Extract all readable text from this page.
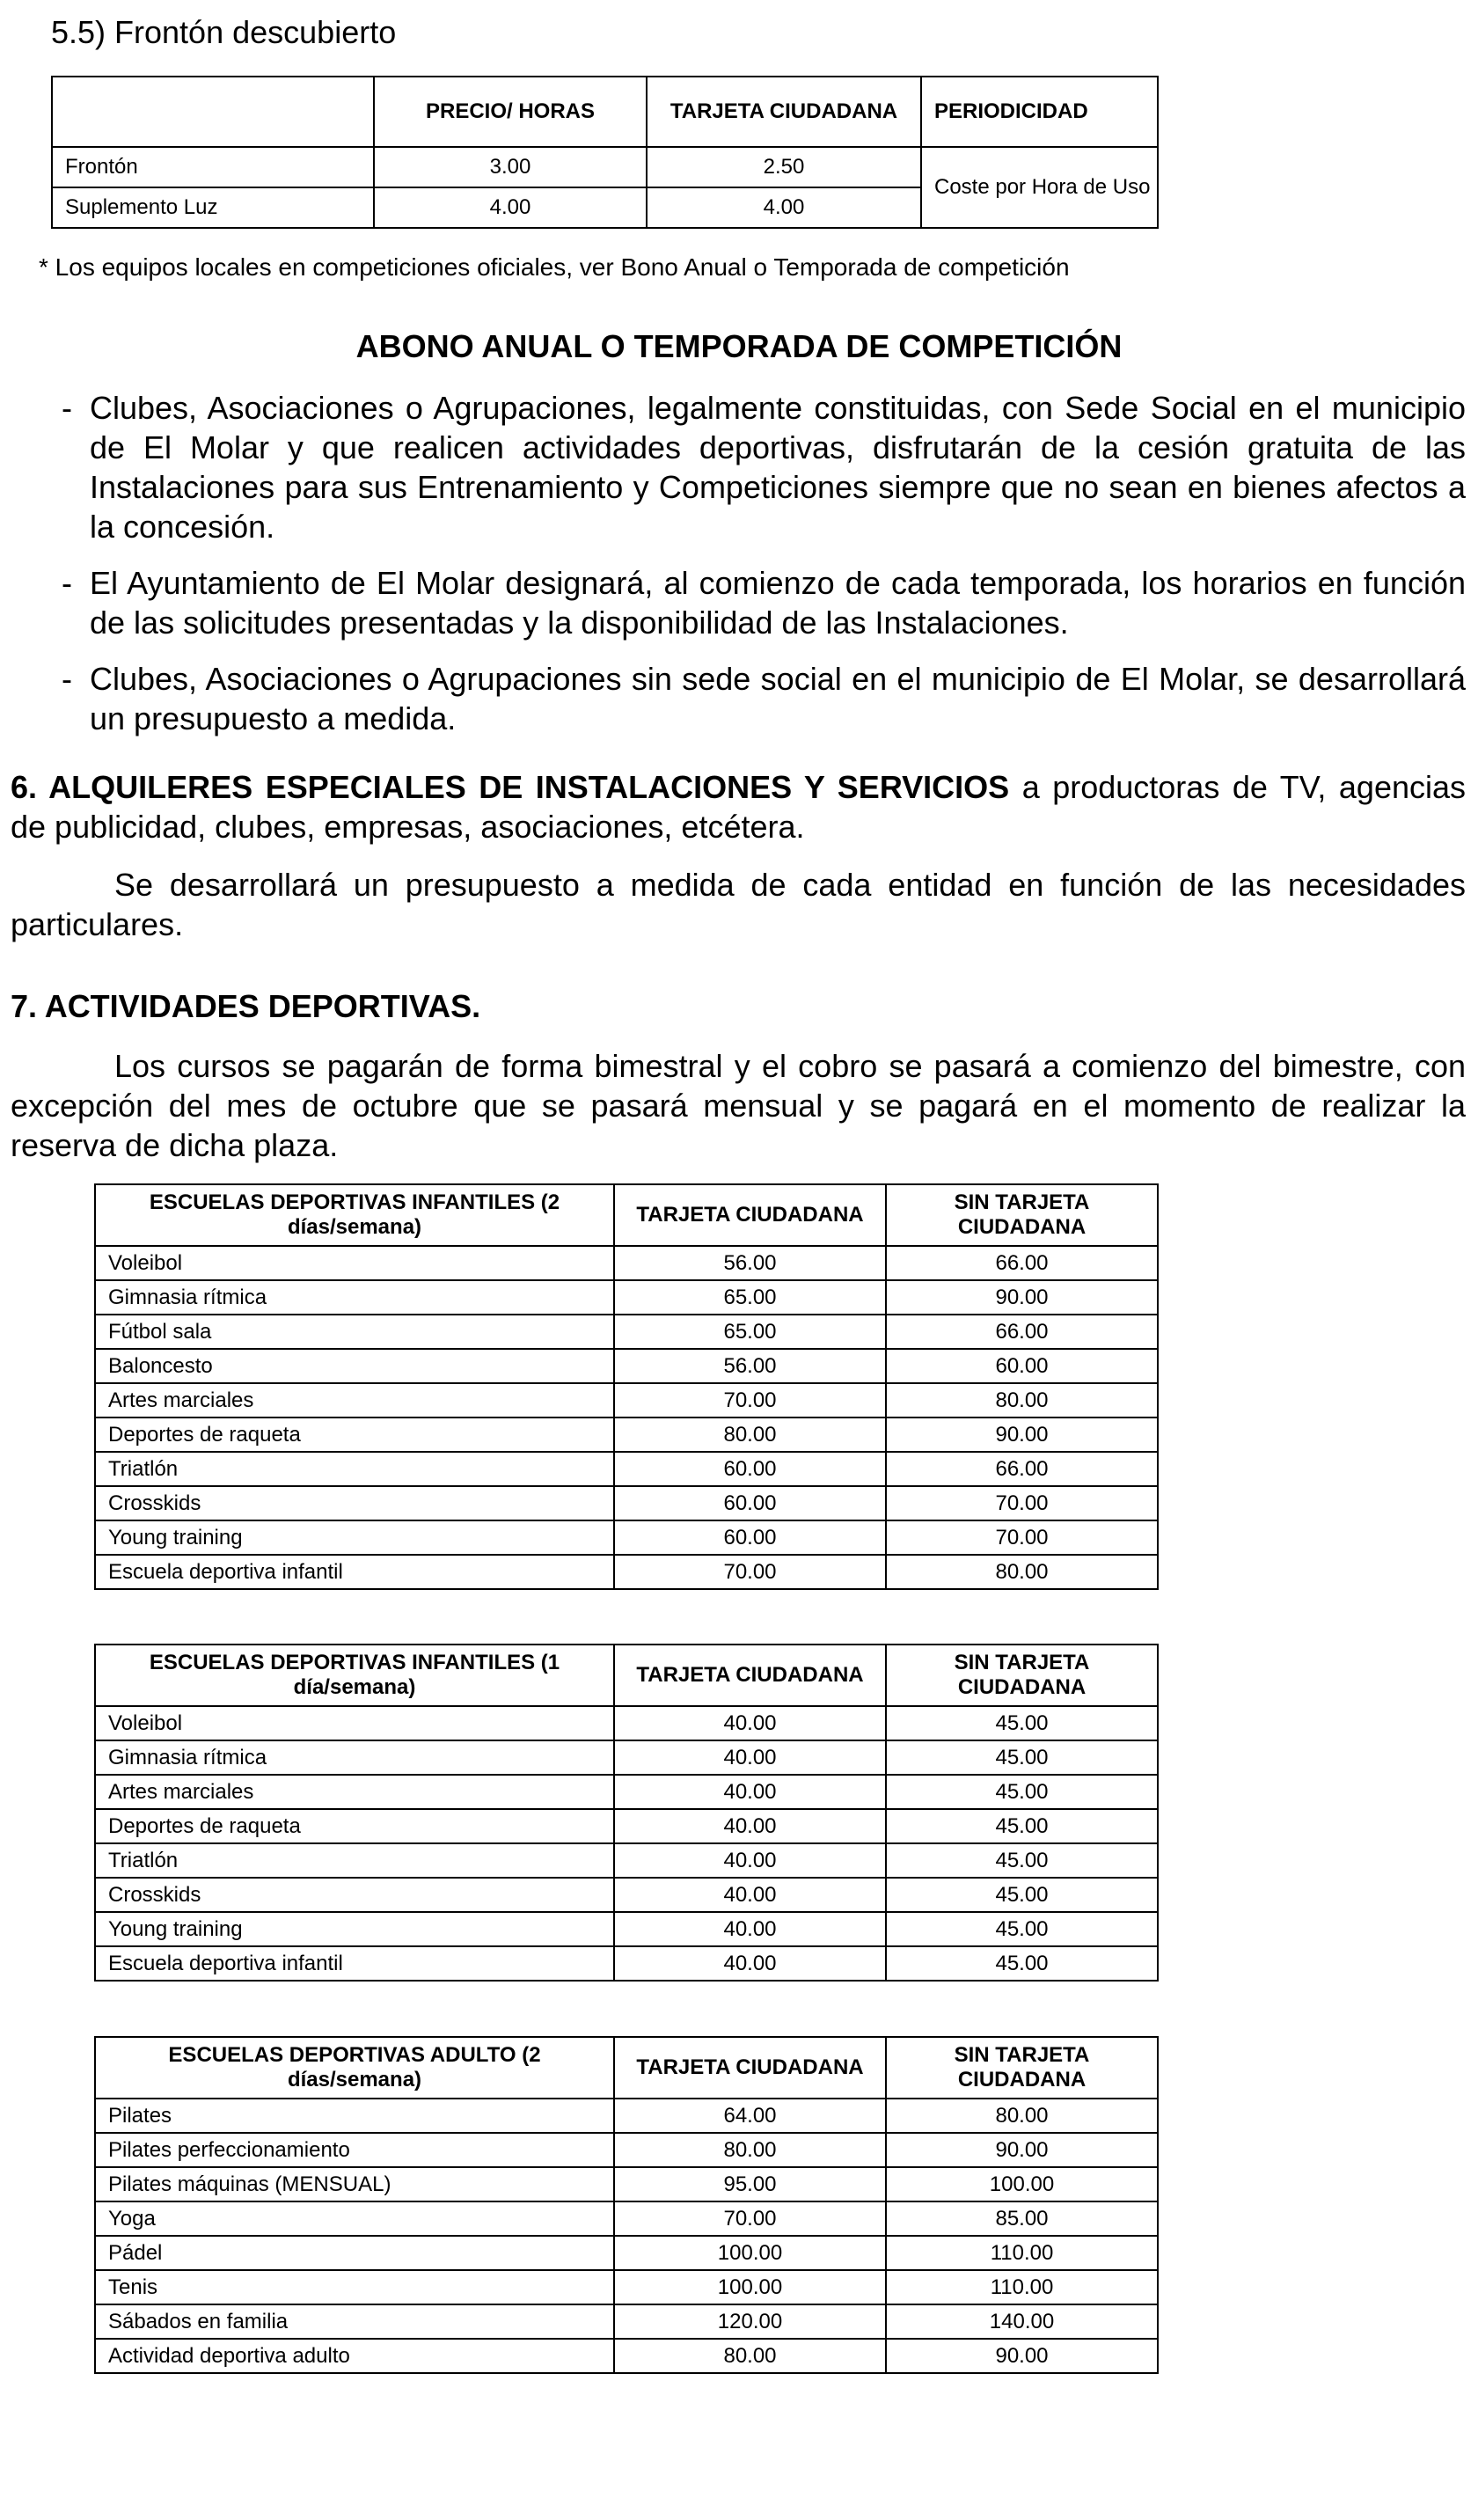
5.5) Frontón descubierto
	PRECIO/ HORAS	TARJETA CIUDADANA	PERIODICIDAD
Frontón	3.00	2.50	Coste por Hora de Uso
Suplemento Luz	4.00	4.00	

* Los equipos locales en competiciones oficiales, ver Bono Anual o Temporada de competición

ABONO ANUAL O TEMPORADA DE COMPETICIÓN
- Clubes, Asociaciones o Agrupaciones, legalmente constituidas, con Sede Social en el municipio de El Molar y que realicen actividades deportivas, disfrutarán de la cesión gratuita de las Instalaciones para sus Entrenamiento y Competiciones siempre que no sean en bienes afectos a la concesión.
- El Ayuntamiento de El Molar designará, al comienzo de cada temporada, los horarios en función de las solicitudes presentadas y la disponibilidad de las Instalaciones.
- Clubes, Asociaciones o Agrupaciones sin sede social en el municipio de El Molar, se desarrollará un presupuesto a medida.

6. ALQUILERES ESPECIALES DE INSTALACIONES Y SERVICIOS a productoras de TV, agencias de publicidad, clubes, empresas, asociaciones, etcétera.

Se desarrollará un presupuesto a medida de cada entidad en función de las necesidades particulares.

7. ACTIVIDADES DEPORTIVAS.

Los cursos se pagarán de forma bimestral y el cobro se pasará a comienzo del bimestre, con excepción del mes de octubre que se pasará mensual y se pagará en el momento de realizar la reserva de dicha plaza.

ESCUELAS DEPORTIVAS INFANTILES (2 días/semana)	TARJETA CIUDADANA	SIN TARJETA CIUDADANA
Voleibol	56.00	66.00
Gimnasia rítmica	65.00	90.00
Fútbol sala	65.00	66.00
Baloncesto	56.00	60.00
Artes marciales	70.00	80.00
Deportes de raqueta	80.00	90.00
Triatlón	60.00	66.00
Crosskids	60.00	70.00
Young training	60.00	70.00
Escuela deportiva infantil	70.00	80.00
ESCUELAS DEPORTIVAS INFANTILES (1 día/semana)	TARJETA CIUDADANA	SIN TARJETA CIUDADANA
Voleibol	40.00	45.00
Gimnasia rítmica	40.00	45.00
Artes marciales	40.00	45.00
Deportes de raqueta	40.00	45.00
Triatlón	40.00	45.00
Crosskids	40.00	45.00
Young training	40.00	45.00
Escuela deportiva infantil	40.00	45.00
ESCUELAS DEPORTIVAS ADULTO (2 días/semana)	TARJETA CIUDADANA	SIN TARJETA CIUDADANA
Pilates	64.00	80.00
Pilates perfeccionamiento	80.00	90.00
Pilates máquinas (MENSUAL)	95.00	100.00
Yoga	70.00	85.00
Pádel	100.00	110.00
Tenis	100.00	110.00
Sábados en familia	120.00	140.00
Actividad deportiva adulto	80.00	90.00
